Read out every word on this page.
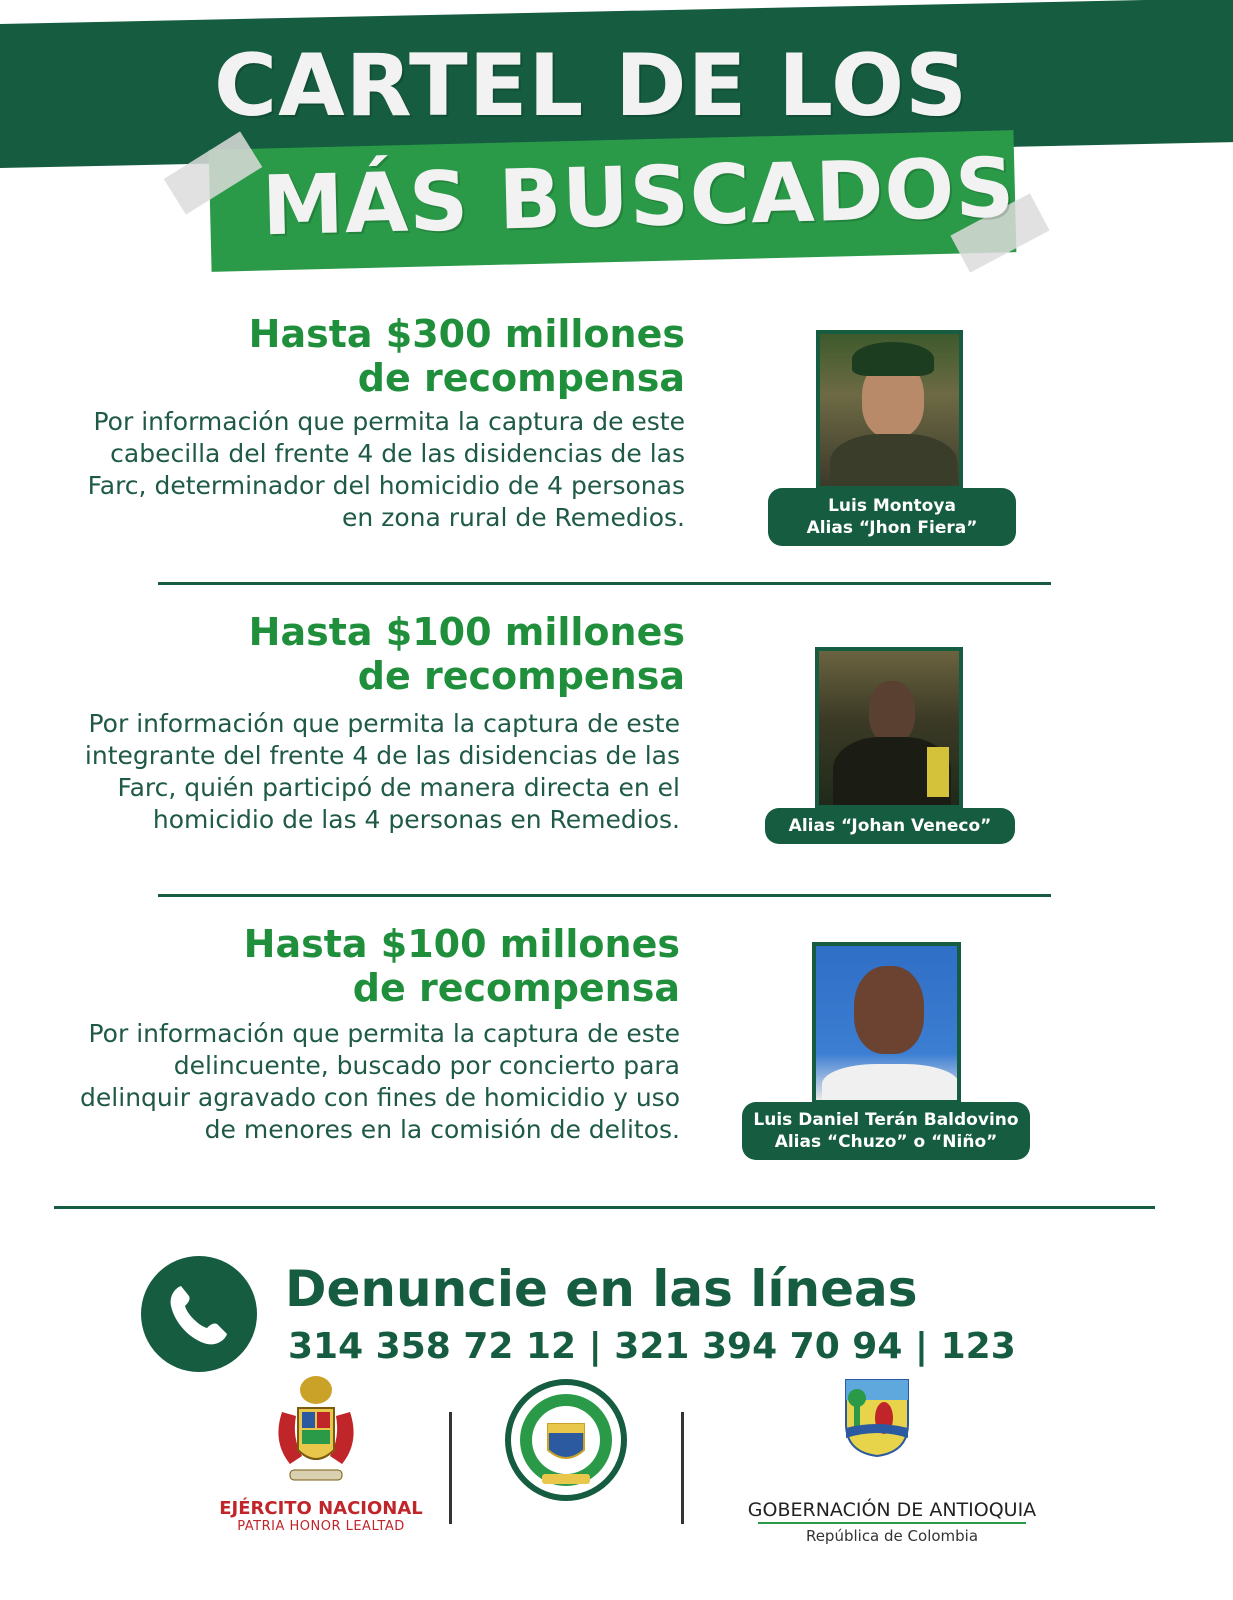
CARTEL DE LOS
MÁS BUSCADOS
Hasta $300 millones
de recompensa
Por información que permita la captura de este cabecilla del frente 4 de las disidencias de las Farc, determinador del homicidio de 4 personas en zona rural de Remedios.	Luis Montoya
Alias “Jhon Fiera”
Hasta $100 millones
de recompensa
Por información que permita la captura de este integrante del frente 4 de las disidencias de las Farc, quién participó de manera directa en el homicidio de las 4 personas en Remedios.	Alias “Johan Veneco”
Hasta $100 millones
de recompensa
Por información que permita la captura de este delincuente, buscado por concierto para delinquir agravado con fines de homicidio y uso de menores en la comisión de delitos.	Luis Daniel Terán Baldovino
Alias “Chuzo” o “Niño”
Denuncie en las líneas
314 358 72 12 | 321 394 70 94 | 123
EJÉRCITO NACIONAL
PATRIA HONOR LEALTAD
GOBERNACIÓN DE ANTIOQUIA
República de Colombia
